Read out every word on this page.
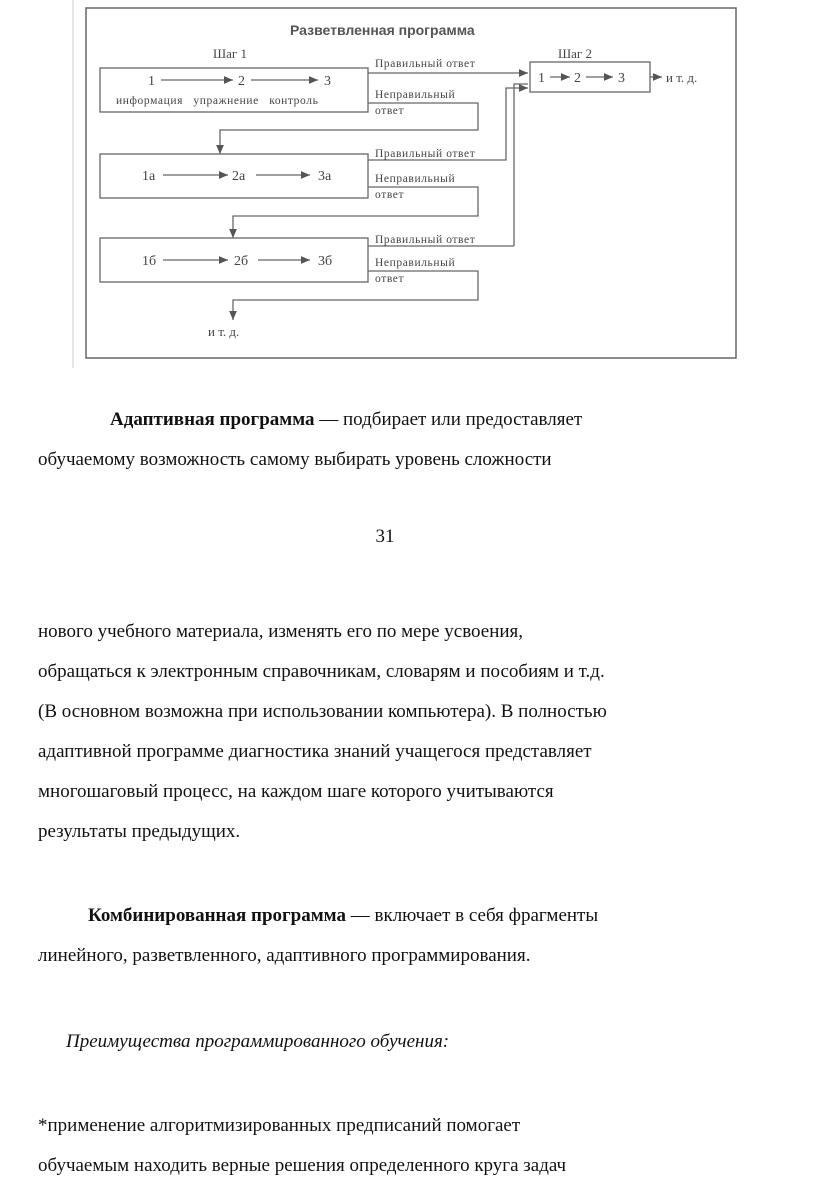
Разветвленная программа
Шаг 1	Шаг 2
1	2	3
информация   упражнение   контроль
Правильный ответ
Неправильный
ответ
1 2	3	и т. д.
1а	2а	3а
Правильный ответ
Неправильный
ответ
1б	2б	3б
Правильный ответ
Неправильный
ответ
и т. д.

Адаптивная программа — подбирает или предоставляет
обучаемому возможность самому выбирать уровень сложности

31

нового учебного материала, изменять его по мере усвоения,
обращаться к электронным справочникам, словарям и пособиям и т.д.
(В основном возможна при использовании компьютера). В полностью
адаптивной программе диагностика знаний учащегося представляет
многошаговый процесс, на каждом шаге которого учитываются
результаты предыдущих.

Комбинированная программа — включает в себя фрагменты
линейного, разветвленного, адаптивного программирования.

Преимущества программированного обучения:

*применение алгоритмизированных предписаний помогает
обучаемым находить верные решения определенного круга задач
